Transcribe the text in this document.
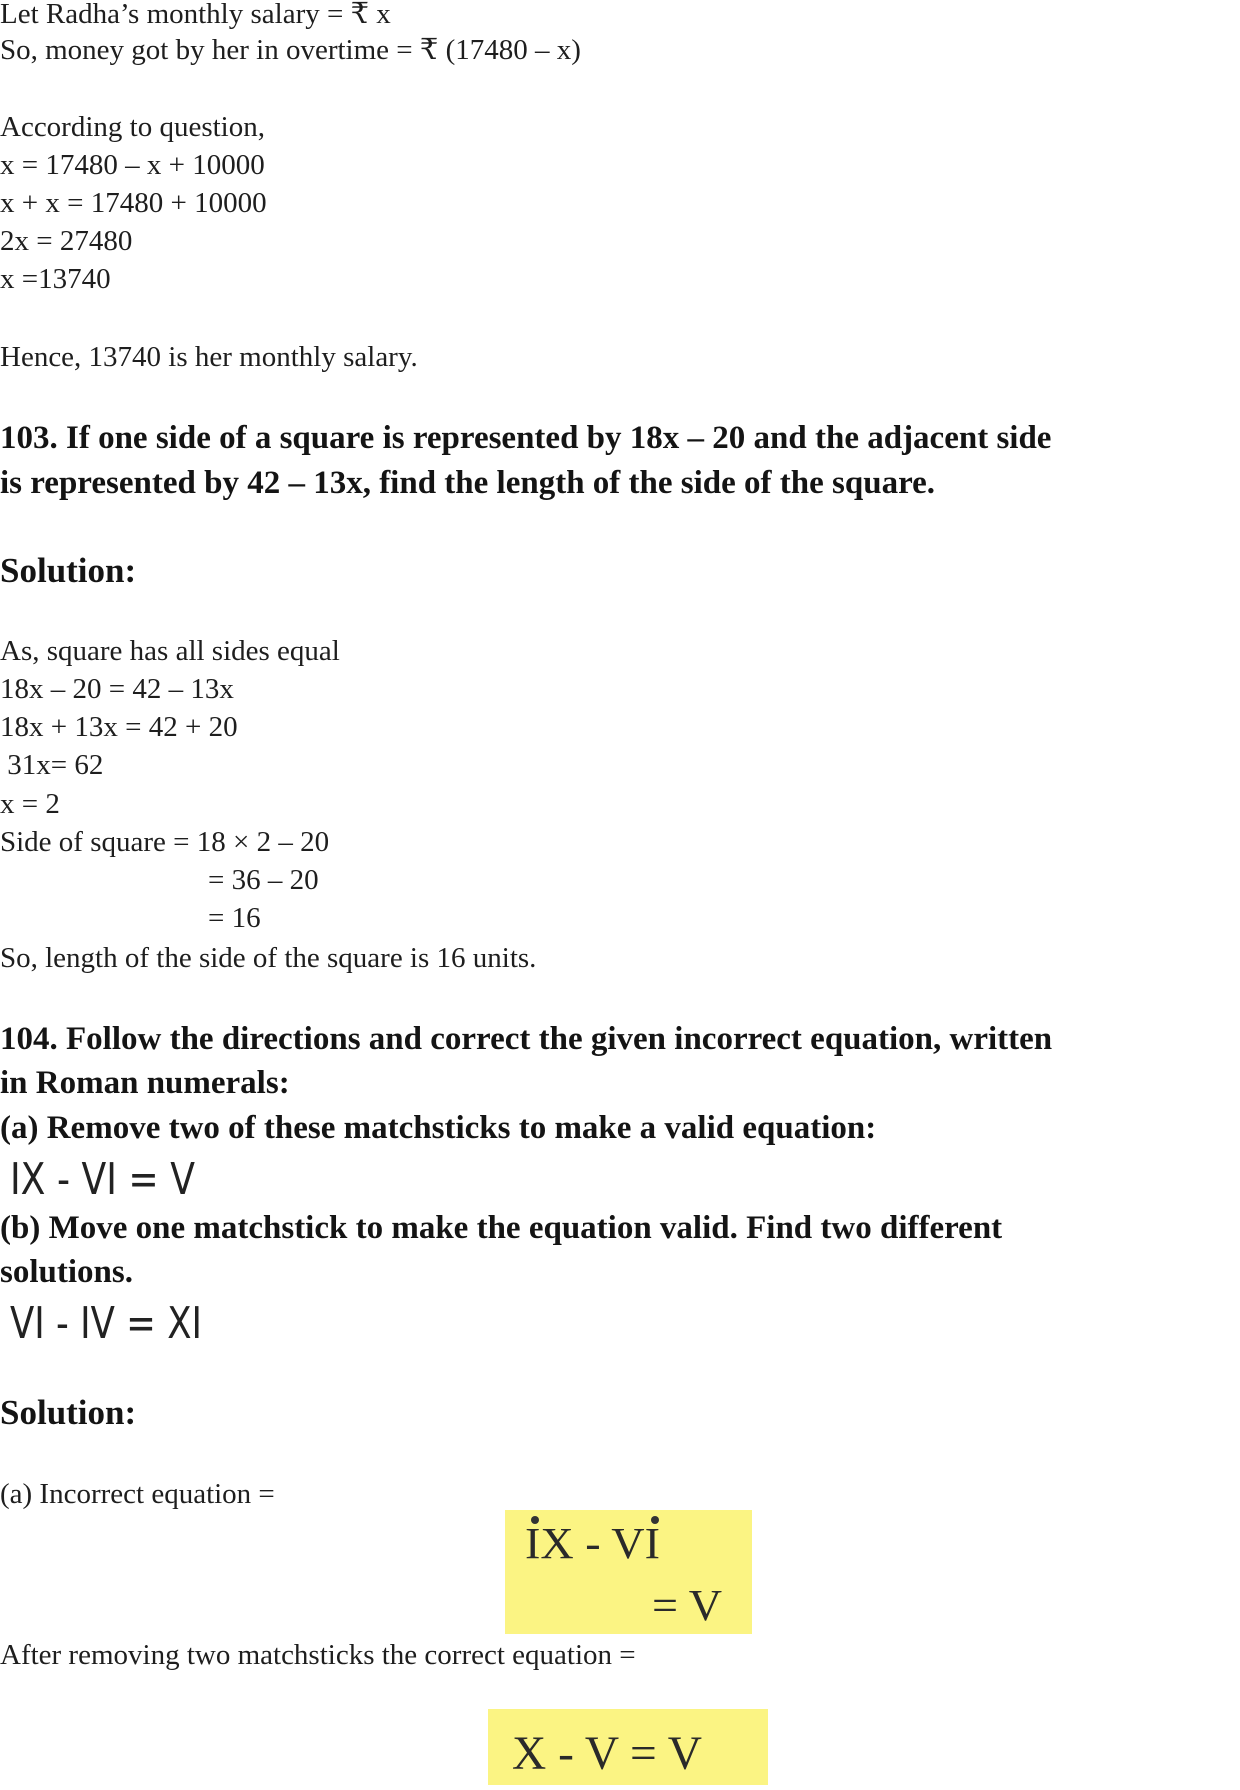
Let Radha’s monthly salary = ₹ x
So, money got by her in overtime = ₹ (17480 – x)
According to question,
x = 17480 – x + 10000
x + x = 17480 + 10000
2x = 27480
x =13740
Hence, 13740 is her monthly salary.
103. If one side of a square is represented by 18x – 20 and the adjacent side
is represented by 42 – 13x, find the length of the side of the square.
Solution:
As, square has all sides equal
18x – 20 = 42 – 13x
18x + 13x = 42 + 20
31x= 62
x = 2
Side of square = 18 × 2 – 20
= 36 – 20
= 16
So, length of the side of the square is 16 units.
104. Follow the directions and correct the given incorrect equation, written
in Roman numerals:
(a) Remove two of these matchsticks to make a valid equation:
IX - VI = V
(b) Move one matchstick to make the equation valid. Find two different
solutions.
VI - IV = XI
Solution:
(a) Incorrect equation =
IX - VI
= V
After removing two matchsticks the correct equation =
X - V = V
